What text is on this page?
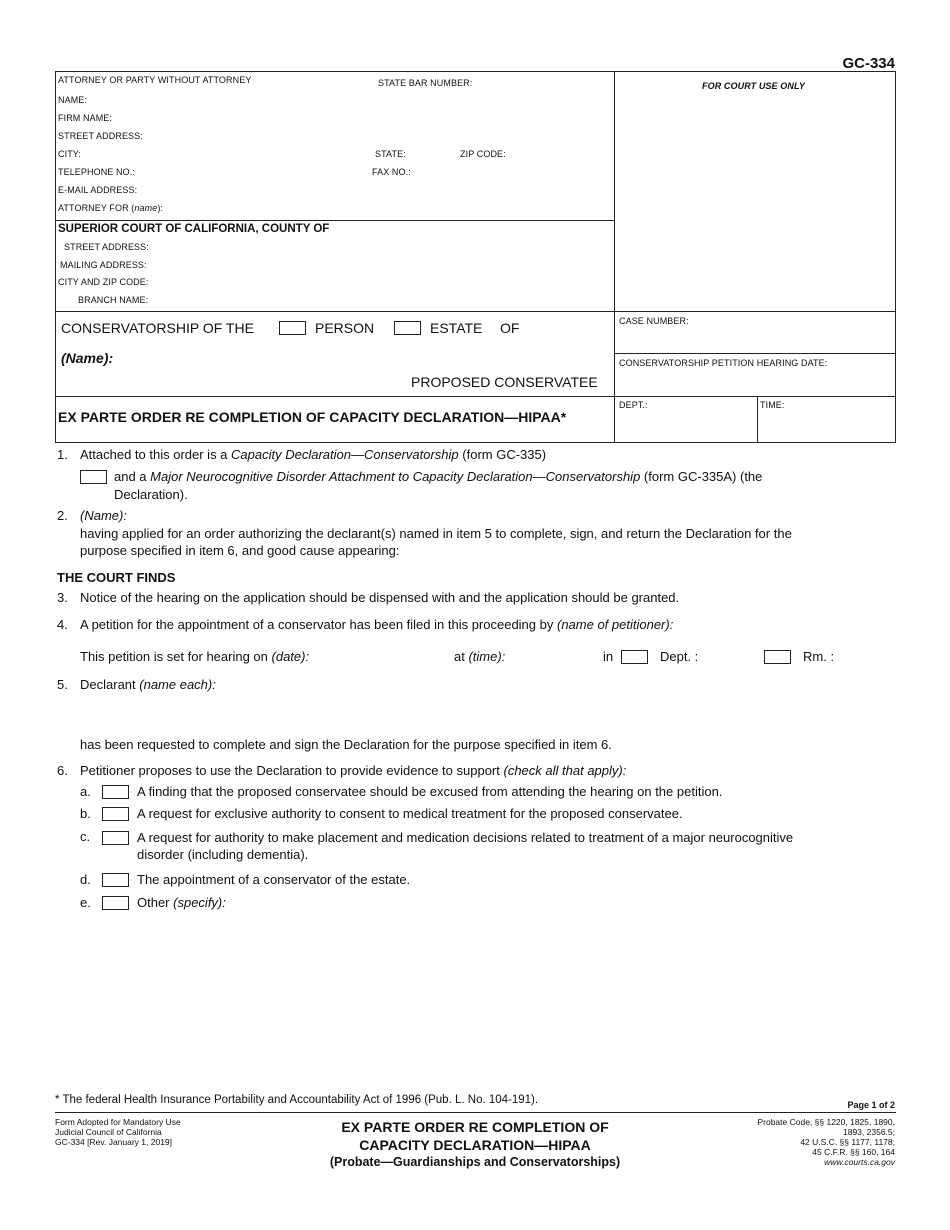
GC-334
ATTORNEY OR PARTY WITHOUT ATTORNEY	STATE BAR NUMBER:	FOR COURT USE ONLY
NAME:
FIRM NAME:
STREET ADDRESS:
CITY:	STATE:	ZIP CODE:
TELEPHONE NO.:	FAX NO.:
E-MAIL ADDRESS:
ATTORNEY FOR (name):
SUPERIOR COURT OF CALIFORNIA, COUNTY OF
STREET ADDRESS:
MAILING ADDRESS:
CITY AND ZIP CODE:
BRANCH NAME:
CONSERVATORSHIP OF THE	PERSON	ESTATE OF
(Name):
PROPOSED CONSERVATEE
CASE NUMBER:
CONSERVATORSHIP PETITION HEARING DATE:
DEPT.:	TIME:
EX PARTE ORDER RE COMPLETION OF CAPACITY DECLARATION—HIPAA*
1. Attached to this order is a Capacity Declaration—Conservatorship (form GC-335)
and a Major Neurocognitive Disorder Attachment to Capacity Declaration—Conservatorship (form GC-335A) (the
Declaration).
2. (Name):
having applied for an order authorizing the declarant(s) named in item 5 to complete, sign, and return the Declaration for the
purpose specified in item 6, and good cause appearing:
THE COURT FINDS
3. Notice of the hearing on the application should be dispensed with and the application should be granted.
4. A petition for the appointment of a conservator has been filed in this proceeding by (name of petitioner):
This petition is set for hearing on (date):	at (time):	in	Dept. :	Rm. :
5. Declarant (name each):
has been requested to complete and sign the Declaration for the purpose specified in item 6.
6. Petitioner proposes to use the Declaration to provide evidence to support (check all that apply):
a.	A finding that the proposed conservatee should be excused from attending the hearing on the petition.
b.	A request for exclusive authority to consent to medical treatment for the proposed conservatee.
c.	A request for authority to make placement and medication decisions related to treatment of a major neurocognitive
disorder (including dementia).
d.	The appointment of a conservator of the estate.
e.	Other (specify):
* The federal Health Insurance Portability and Accountability Act of 1996 (Pub. L. No. 104-191).	Page 1 of 2
Form Adopted for Mandatory Use
Judicial Council of California
GC-334 [Rev. January 1, 2019]
EX PARTE ORDER RE COMPLETION OF
CAPACITY DECLARATION—HIPAA
(Probate—Guardianships and Conservatorships)
Probate Code, §§ 1220, 1825, 1890,
1893, 2356.5;
42 U.S.C. §§ 1177, 1178;
45 C.F.R. §§ 160, 164
www.courts.ca.gov
